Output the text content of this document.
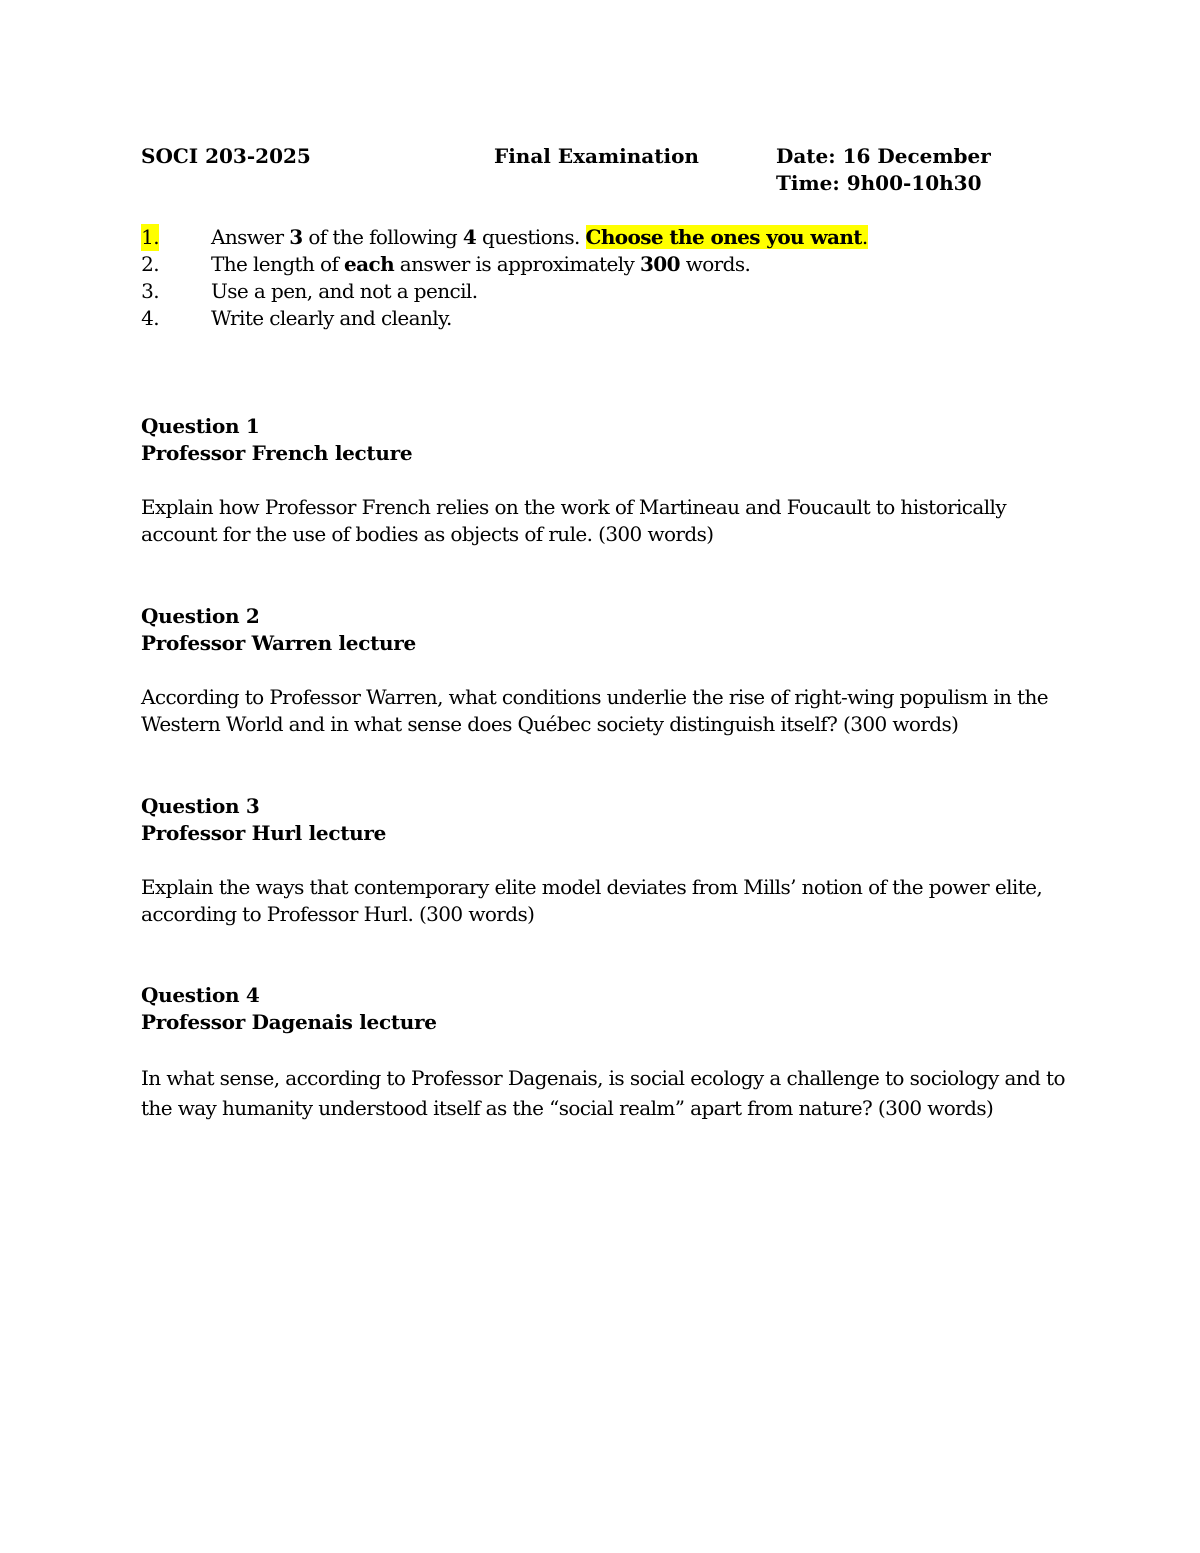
SOCI 203-2025	Final Examination	Date: 16 December
Time: 9h00-10h30
1.	Answer 3 of the following 4 questions. Choose the ones you want.
2.	The length of each answer is approximately 300 words.
3.	Use a pen, and not a pencil.
4.	Write clearly and cleanly.
Question 1
Professor French lecture
Explain how Professor French relies on the work of Martineau and Foucault to historically account for the use of bodies as objects of rule. (300 words)
Question 2
Professor Warren lecture
According to Professor Warren, what conditions underlie the rise of right-wing populism in the Western World and in what sense does Québec society distinguish itself? (300 words)
Question 3
Professor Hurl lecture
Explain the ways that contemporary elite model deviates from Mills’ notion of the power elite, according to Professor Hurl. (300 words)
Question 4
Professor Dagenais lecture
In what sense, according to Professor Dagenais, is social ecology a challenge to sociology and to the way humanity understood itself as the “social realm” apart from nature? (300 words)
